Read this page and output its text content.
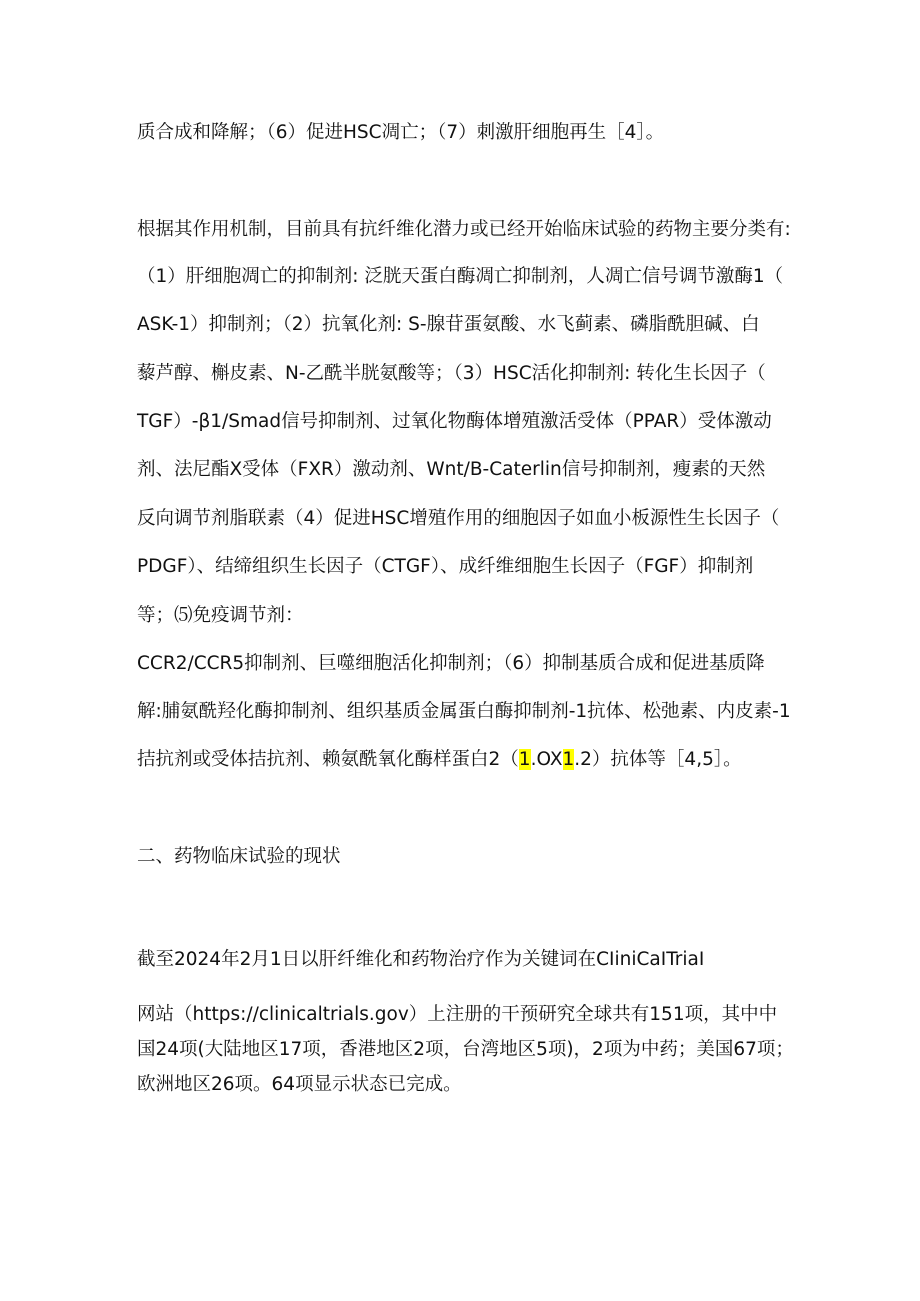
质合成和降解；（6）促进HSC凋亡；（7）刺激肝细胞再生［4］。
根据其作用机制，目前具有抗纤维化潜力或已经开始临床试验的药物主要分类有:
（1）肝细胞凋亡的抑制剂: 泛胱天蛋白酶凋亡抑制剂，人凋亡信号调节激酶1（
ASK-1）抑制剂；（2）抗氧化剂: S-腺苷蛋氨酸、水飞蓟素、磷脂酰胆碱、白
藜芦醇、槲皮素、N-乙酰半胱氨酸等；（3）HSC活化抑制剂: 转化生长因子（
TGF）-β1/Smad信号抑制剂、过氧化物酶体增殖激活受体（PPAR）受体激动
剂、法尼酯X受体（FXR）激动剂、Wnt/B-Caterlin信号抑制剂，瘦素的天然
反向调节剂脂联素（4）促进HSC增殖作用的细胞因子如血小板源性生长因子（
PDGF）、结缔组织生长因子（CTGF）、成纤维细胞生长因子（FGF）抑制剂
等；⑸免疫调节剂：
CCR2/CCR5抑制剂、巨噬细胞活化抑制剂；（6）抑制基质合成和促进基质降
解:脯氨酰羟化酶抑制剂、组织基质金属蛋白酶抑制剂-1抗体、松弛素、内皮素-1
拮抗剂或受体拮抗剂、赖氨酰氧化酶样蛋白2（1.OX1.2）抗体等［4,5］。
二、药物临床试验的现状
截至2024年2月1日以肝纤维化和药物治疗作为关键词在CIiniCaITriaI
网站（https://clinicaltrials.gov）上注册的干预研究全球共有151项，其中中
国24项(大陆地区17项，香港地区2项，台湾地区5项)，2项为中药；美国67项；
欧洲地区26项。64项显示状态已完成。
